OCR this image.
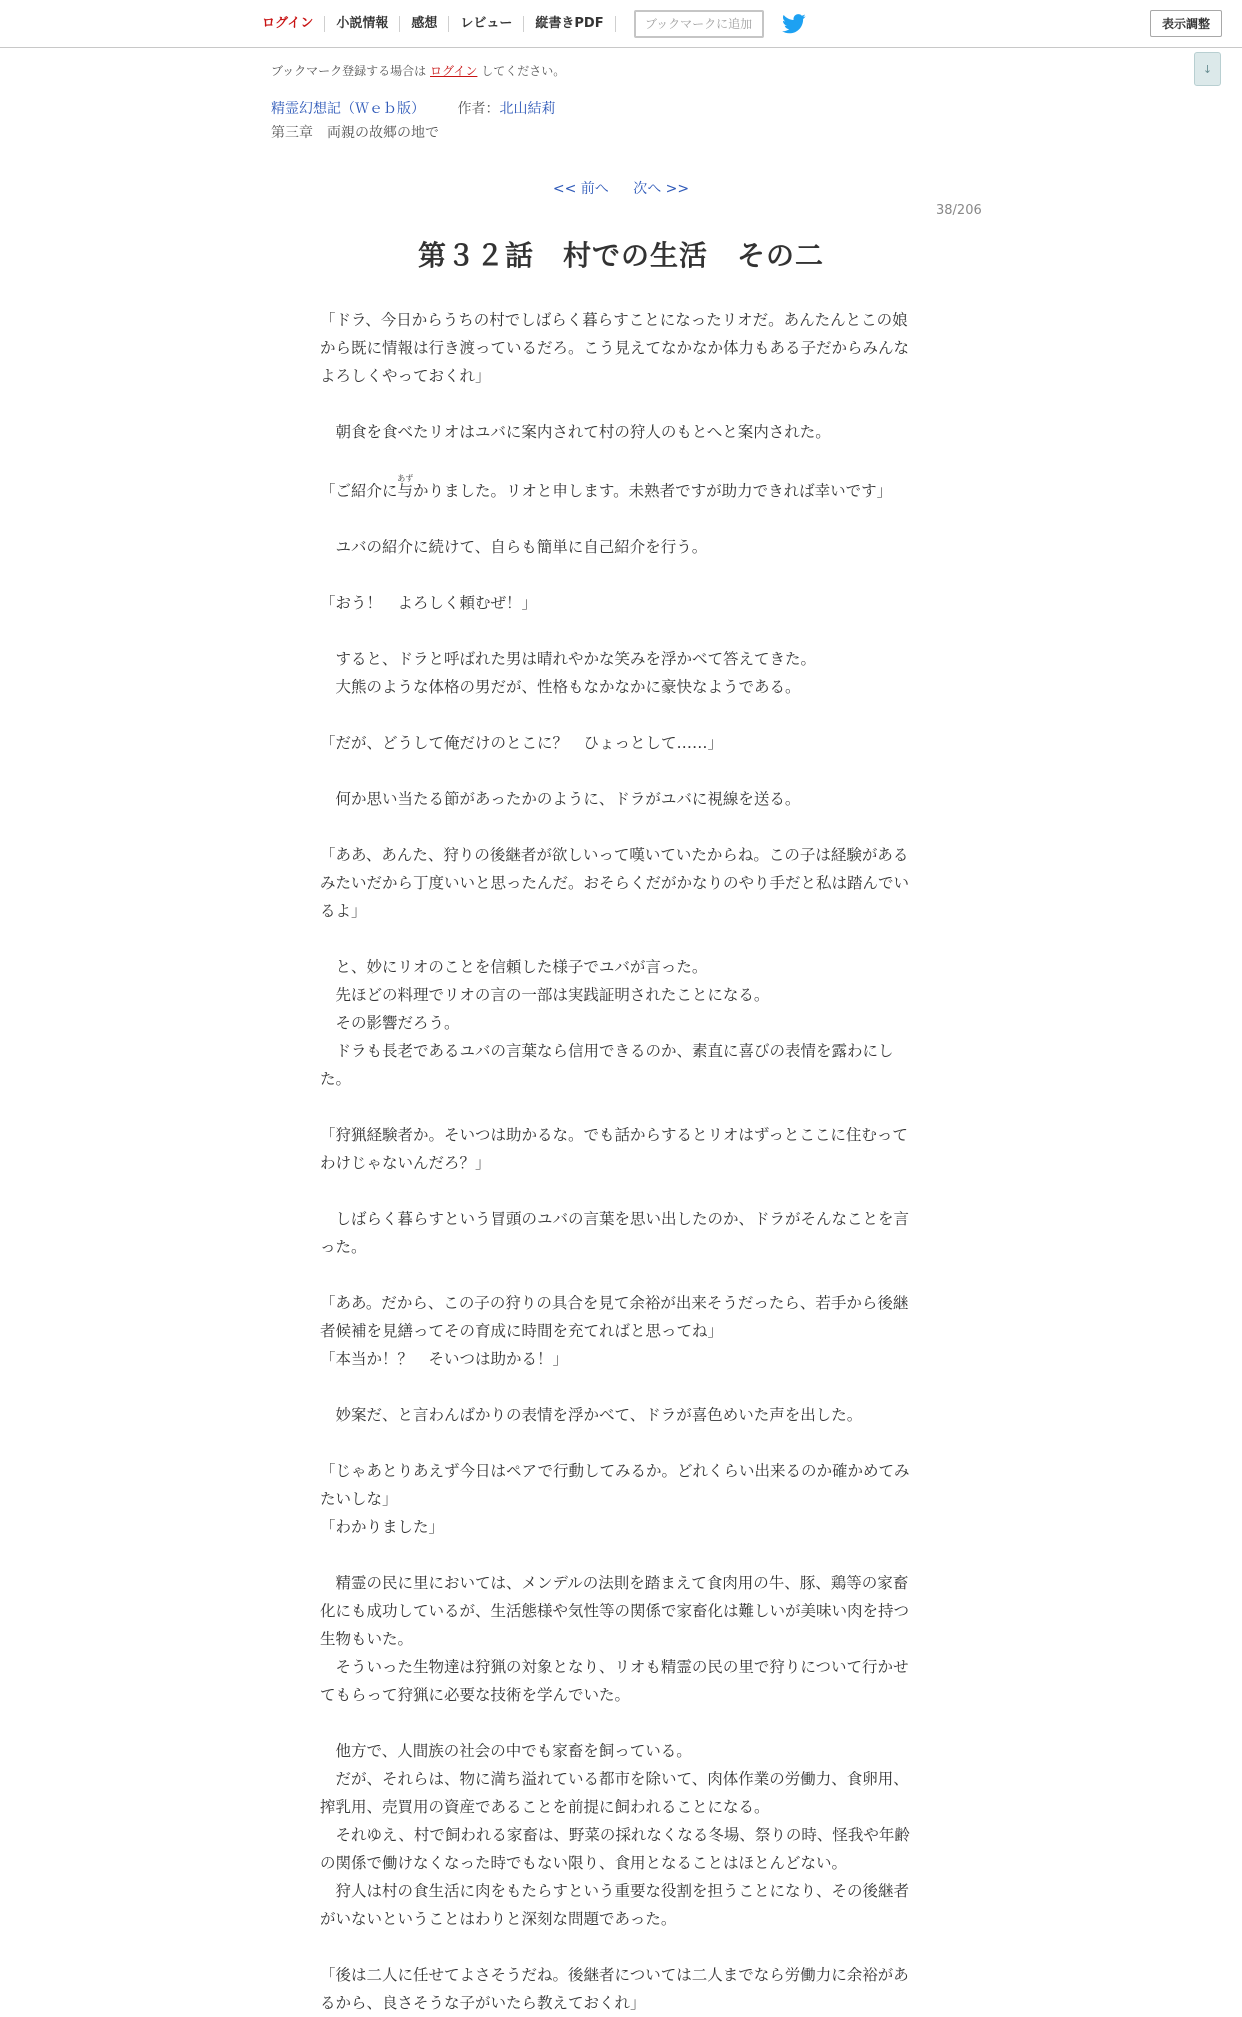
ログイン	小説情報	感想	レビュー	縦書きPDF	ブックマークに追加	表示調整
↓
ブックマーク登録する場合は ログイン してください。
精霊幻想記（Ｗｅｂ版） 作者：北山結莉
第三章　両親の故郷の地で
<< 前へ 次へ >>
38/206
第３２話　村での生活　その二

「ドラ、今日からうちの村でしばらく暮らすことになったリオだ。あんたんとこの娘から既に情報は行き渡っているだろ。こう見えてなかなか体力もある子だからみんなよろしくやっておくれ」

　朝食を食べたリオはユバに案内されて村の狩人のもとへと案内された。

「ご紹介に与あずかりました。リオと申します。未熟者ですが助力できれば幸いです」

　ユバの紹介に続けて、自らも簡単に自己紹介を行う。

「おう！　よろしく頼むぜ！」

　すると、ドラと呼ばれた男は晴れやかな笑みを浮かべて答えてきた。

　大熊のような体格の男だが、性格もなかなかに豪快なようである。

「だが、どうして俺だけのとこに？　ひょっとして……」

　何か思い当たる節があったかのように、ドラがユバに視線を送る。

「ああ、あんた、狩りの後継者が欲しいって嘆いていたからね。この子は経験があるみたいだから丁度いいと思ったんだ。おそらくだがかなりのやり手だと私は踏んでいるよ」

　と、妙にリオのことを信頼した様子でユバが言った。

　先ほどの料理でリオの言の一部は実践証明されたことになる。

　その影響だろう。

　ドラも長老であるユバの言葉なら信用できるのか、素直に喜びの表情を露わにした。

「狩猟経験者か。そいつは助かるな。でも話からするとリオはずっとここに住むってわけじゃないんだろ？」

　しばらく暮らすという冒頭のユバの言葉を思い出したのか、ドラがそんなことを言った。

「ああ。だから、この子の狩りの具合を見て余裕が出来そうだったら、若手から後継者候補を見繕ってその育成に時間を充てればと思ってね」

「本当か！？　そいつは助かる！」

　妙案だ、と言わんばかりの表情を浮かべて、ドラが喜色めいた声を出した。

「じゃあとりあえず今日はペアで行動してみるか。どれくらい出来るのか確かめてみたいしな」

「わかりました」

　精霊の民に里においては、メンデルの法則を踏まえて食肉用の牛、豚、鶏等の家畜化にも成功しているが、生活態様や気性等の関係で家畜化は難しいが美味い肉を持つ生物もいた。

　そういった生物達は狩猟の対象となり、リオも精霊の民の里で狩りについて行かせてもらって狩猟に必要な技術を学んでいた。

　他方で、人間族の社会の中でも家畜を飼っている。

　だが、それらは、物に満ち溢れている都市を除いて、肉体作業の労働力、食卵用、搾乳用、売買用の資産であることを前提に飼われることになる。

　それゆえ、村で飼われる家畜は、野菜の採れなくなる冬場、祭りの時、怪我や年齢の関係で働けなくなった時でもない限り、食用となることはほとんどない。

　狩人は村の食生活に肉をもたらすという重要な役割を担うことになり、その後継者がいないということはわりと深刻な問題であった。

「後は二人に任せてよさそうだね。後継者については二人までなら労働力に余裕があるから、良さそうな子がいたら教えておくれ」
